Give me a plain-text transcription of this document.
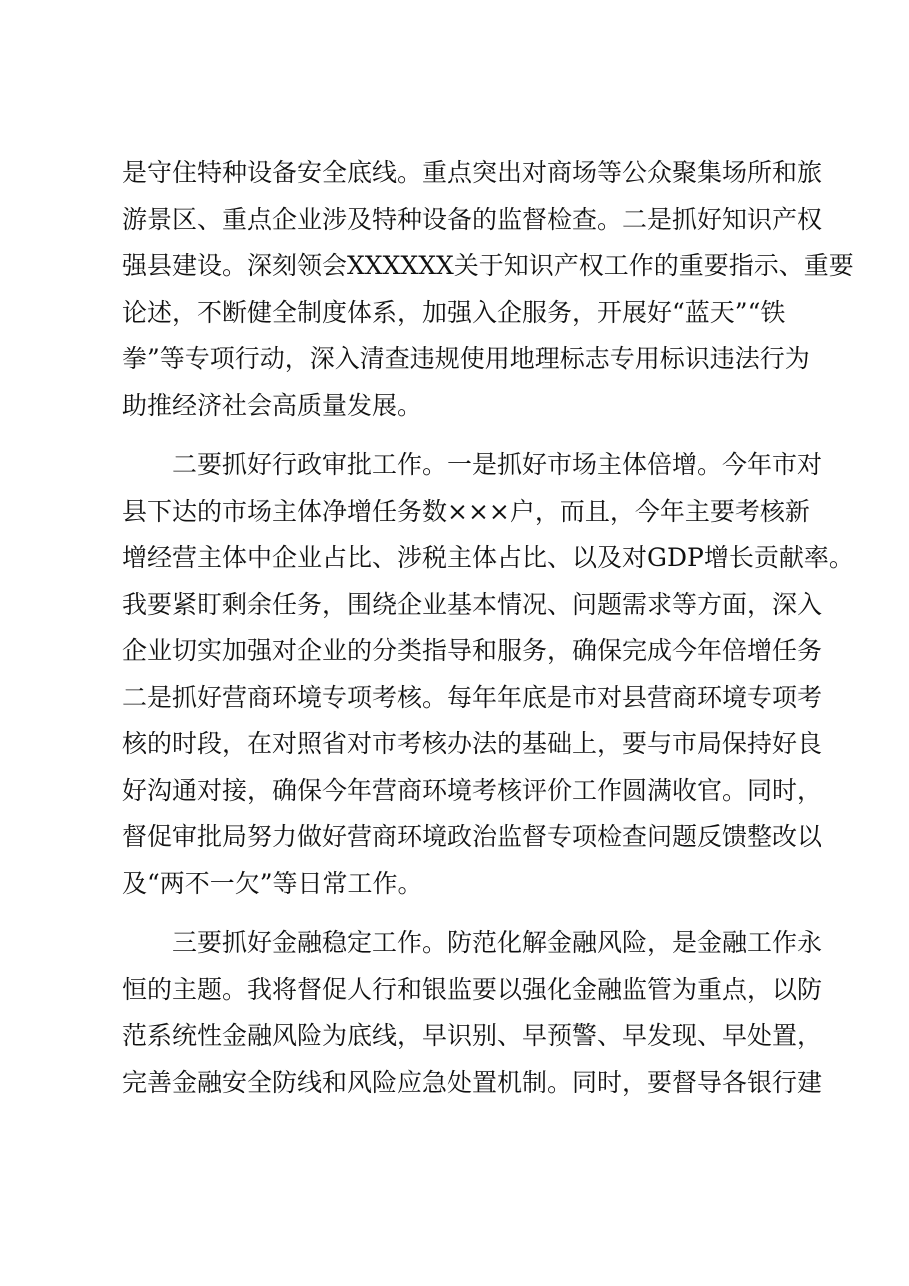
是守住特种设备安全底线。重点突出对商场等公众聚集场所和旅
游景区、重点企业涉及特种设备的监督检查。二是抓好知识产权
强县建设。深刻领会XXXXXX关于知识产权工作的重要指示、重要
论述，不断健全制度体系，加强入企服务，开展好“蓝天”“铁
拳”等专项行动，深入清查违规使用地理标志专用标识违法行为
助推经济社会高质量发展。
二要抓好行政审批工作。一是抓好市场主体倍增。今年市对
县下达的市场主体净增任务数×××户，而且，今年主要考核新
增经营主体中企业占比、涉税主体占比、以及对GDP增长贡献率。
我要紧盯剩余任务，围绕企业基本情况、问题需求等方面，深入
企业切实加强对企业的分类指导和服务，确保完成今年倍增任务
二是抓好营商环境专项考核。每年年底是市对县营商环境专项考
核的时段，在对照省对市考核办法的基础上，要与市局保持好良
好沟通对接，确保今年营商环境考核评价工作圆满收官。同时，
督促审批局努力做好营商环境政治监督专项检查问题反馈整改以
及“两不一欠”等日常工作。
三要抓好金融稳定工作。防范化解金融风险，是金融工作永
恒的主题。我将督促人行和银监要以强化金融监管为重点，以防
范系统性金融风险为底线，早识别、早预警、早发现、早处置，
完善金融安全防线和风险应急处置机制。同时，要督导各银行建
